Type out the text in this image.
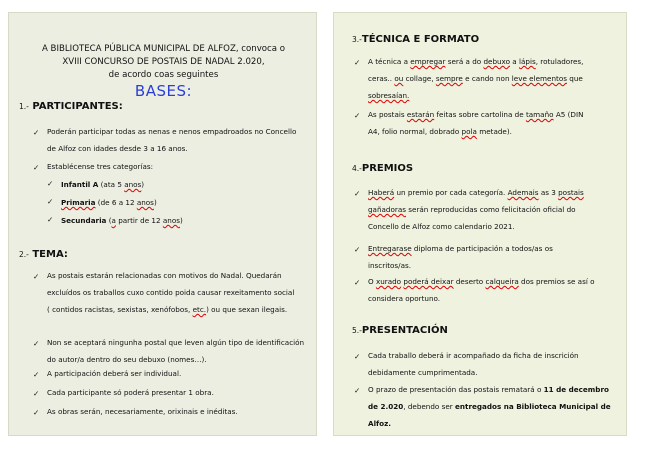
A BIBLIOTECA PÚBLICA MUNICIPAL DE ALFOZ, convoca o
XVIII CONCURSO DE POSTAIS DE NADAL 2.020,
de acordo coas seguintes
BASES:
1.- PARTICIPANTES:
✓ Poderán participar todas as nenas e nenos empadroados no Concello
de Alfoz con idades desde 3 a 16 anos.
✓ Establécense tres categorías:
✓ Infantil A (ata 5 anos)
✓ Primaria (de 6 a 12 anos)
✓ Secundaria (a partir de 12 anos)
2.- TEMA:
✓ As postais estarán relacionadas con motivos do Nadal. Quedarán
excluídos os traballos cuxo contido poida causar rexeitamento social
( contidos racistas, sexistas, xenófobos, etc.) ou que sexan ilegais.
✓ Non se aceptará ningunha postal que leven algún tipo de identificación
do autor/a dentro do seu debuxo (nomes…).
✓ A participación deberá ser individual.
✓ Cada participante só poderá presentar 1 obra.
✓ As obras serán, necesariamente, orixinais e inéditas.
3.-TÉCNICA E FORMATO
✓ A técnica a empregar será a do debuxo a lápis, rotuladores,
ceras.. ou collage, sempre e cando non leve elementos que
sobresaían.
✓ As postais estarán feitas sobre cartolina de tamaño A5 (DIN
A4, folio normal, dobrado pola metade).
4.-PREMIOS
✓ Haberá un premio por cada categoría. Ademais as 3 postais
gañadoras serán reproducidas como felicitación oficial do
Concello de Alfoz como calendario 2021.
✓ Entregarase diploma de participación a todos/as os
inscritos/as.
✓ O xurado poderá deixar deserto calqueira dos premios se así o
considera oportuno.
5.-PRESENTACIÓN
✓ Cada traballo deberá ir acompañado da ficha de inscrición
debidamente cumprimentada.
✓ O prazo de presentación das postais rematará o 11 de decembro
de 2.020, debendo ser entregados na Biblioteca Municipal de
Alfoz.
